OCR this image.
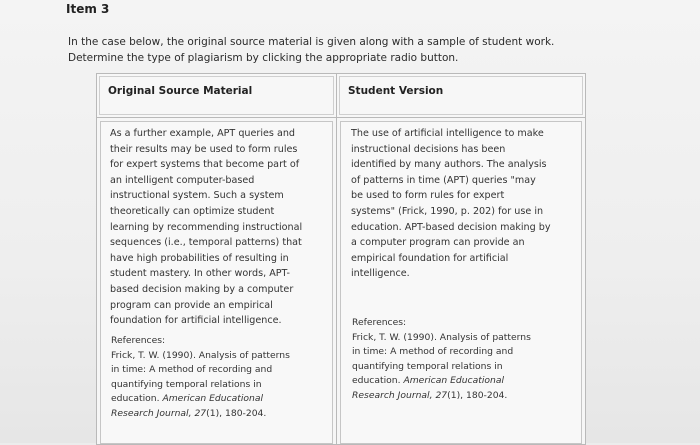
Item 3
In the case below, the original source material is given along with a sample of student work.
Determine the type of plagiarism by clicking the appropriate radio button.
Original Source Material
As a further example, APT queries and
their results may be used to form rules
for expert systems that become part of
an intelligent computer-based
instructional system. Such a system
theoretically can optimize student
learning by recommending instructional
sequences (i.e., temporal patterns) that
have high probabilities of resulting in
student mastery. In other words, APT-
based decision making by a computer
program can provide an empirical
foundation for artificial intelligence.
References:
Frick, T. W. (1990). Analysis of patterns
in time: A method of recording and
quantifying temporal relations in
education. American Educational
Research Journal, 27(1), 180-204.
Student Version
The use of artificial intelligence to make
instructional decisions has been
identified by many authors. The analysis
of patterns in time (APT) queries "may
be used to form rules for expert
systems" (Frick, 1990, p. 202) for use in
education. APT-based decision making by
a computer program can provide an
empirical foundation for artificial
intelligence.
References:
Frick, T. W. (1990). Analysis of patterns
in time: A method of recording and
quantifying temporal relations in
education. American Educational
Research Journal, 27(1), 180-204.
